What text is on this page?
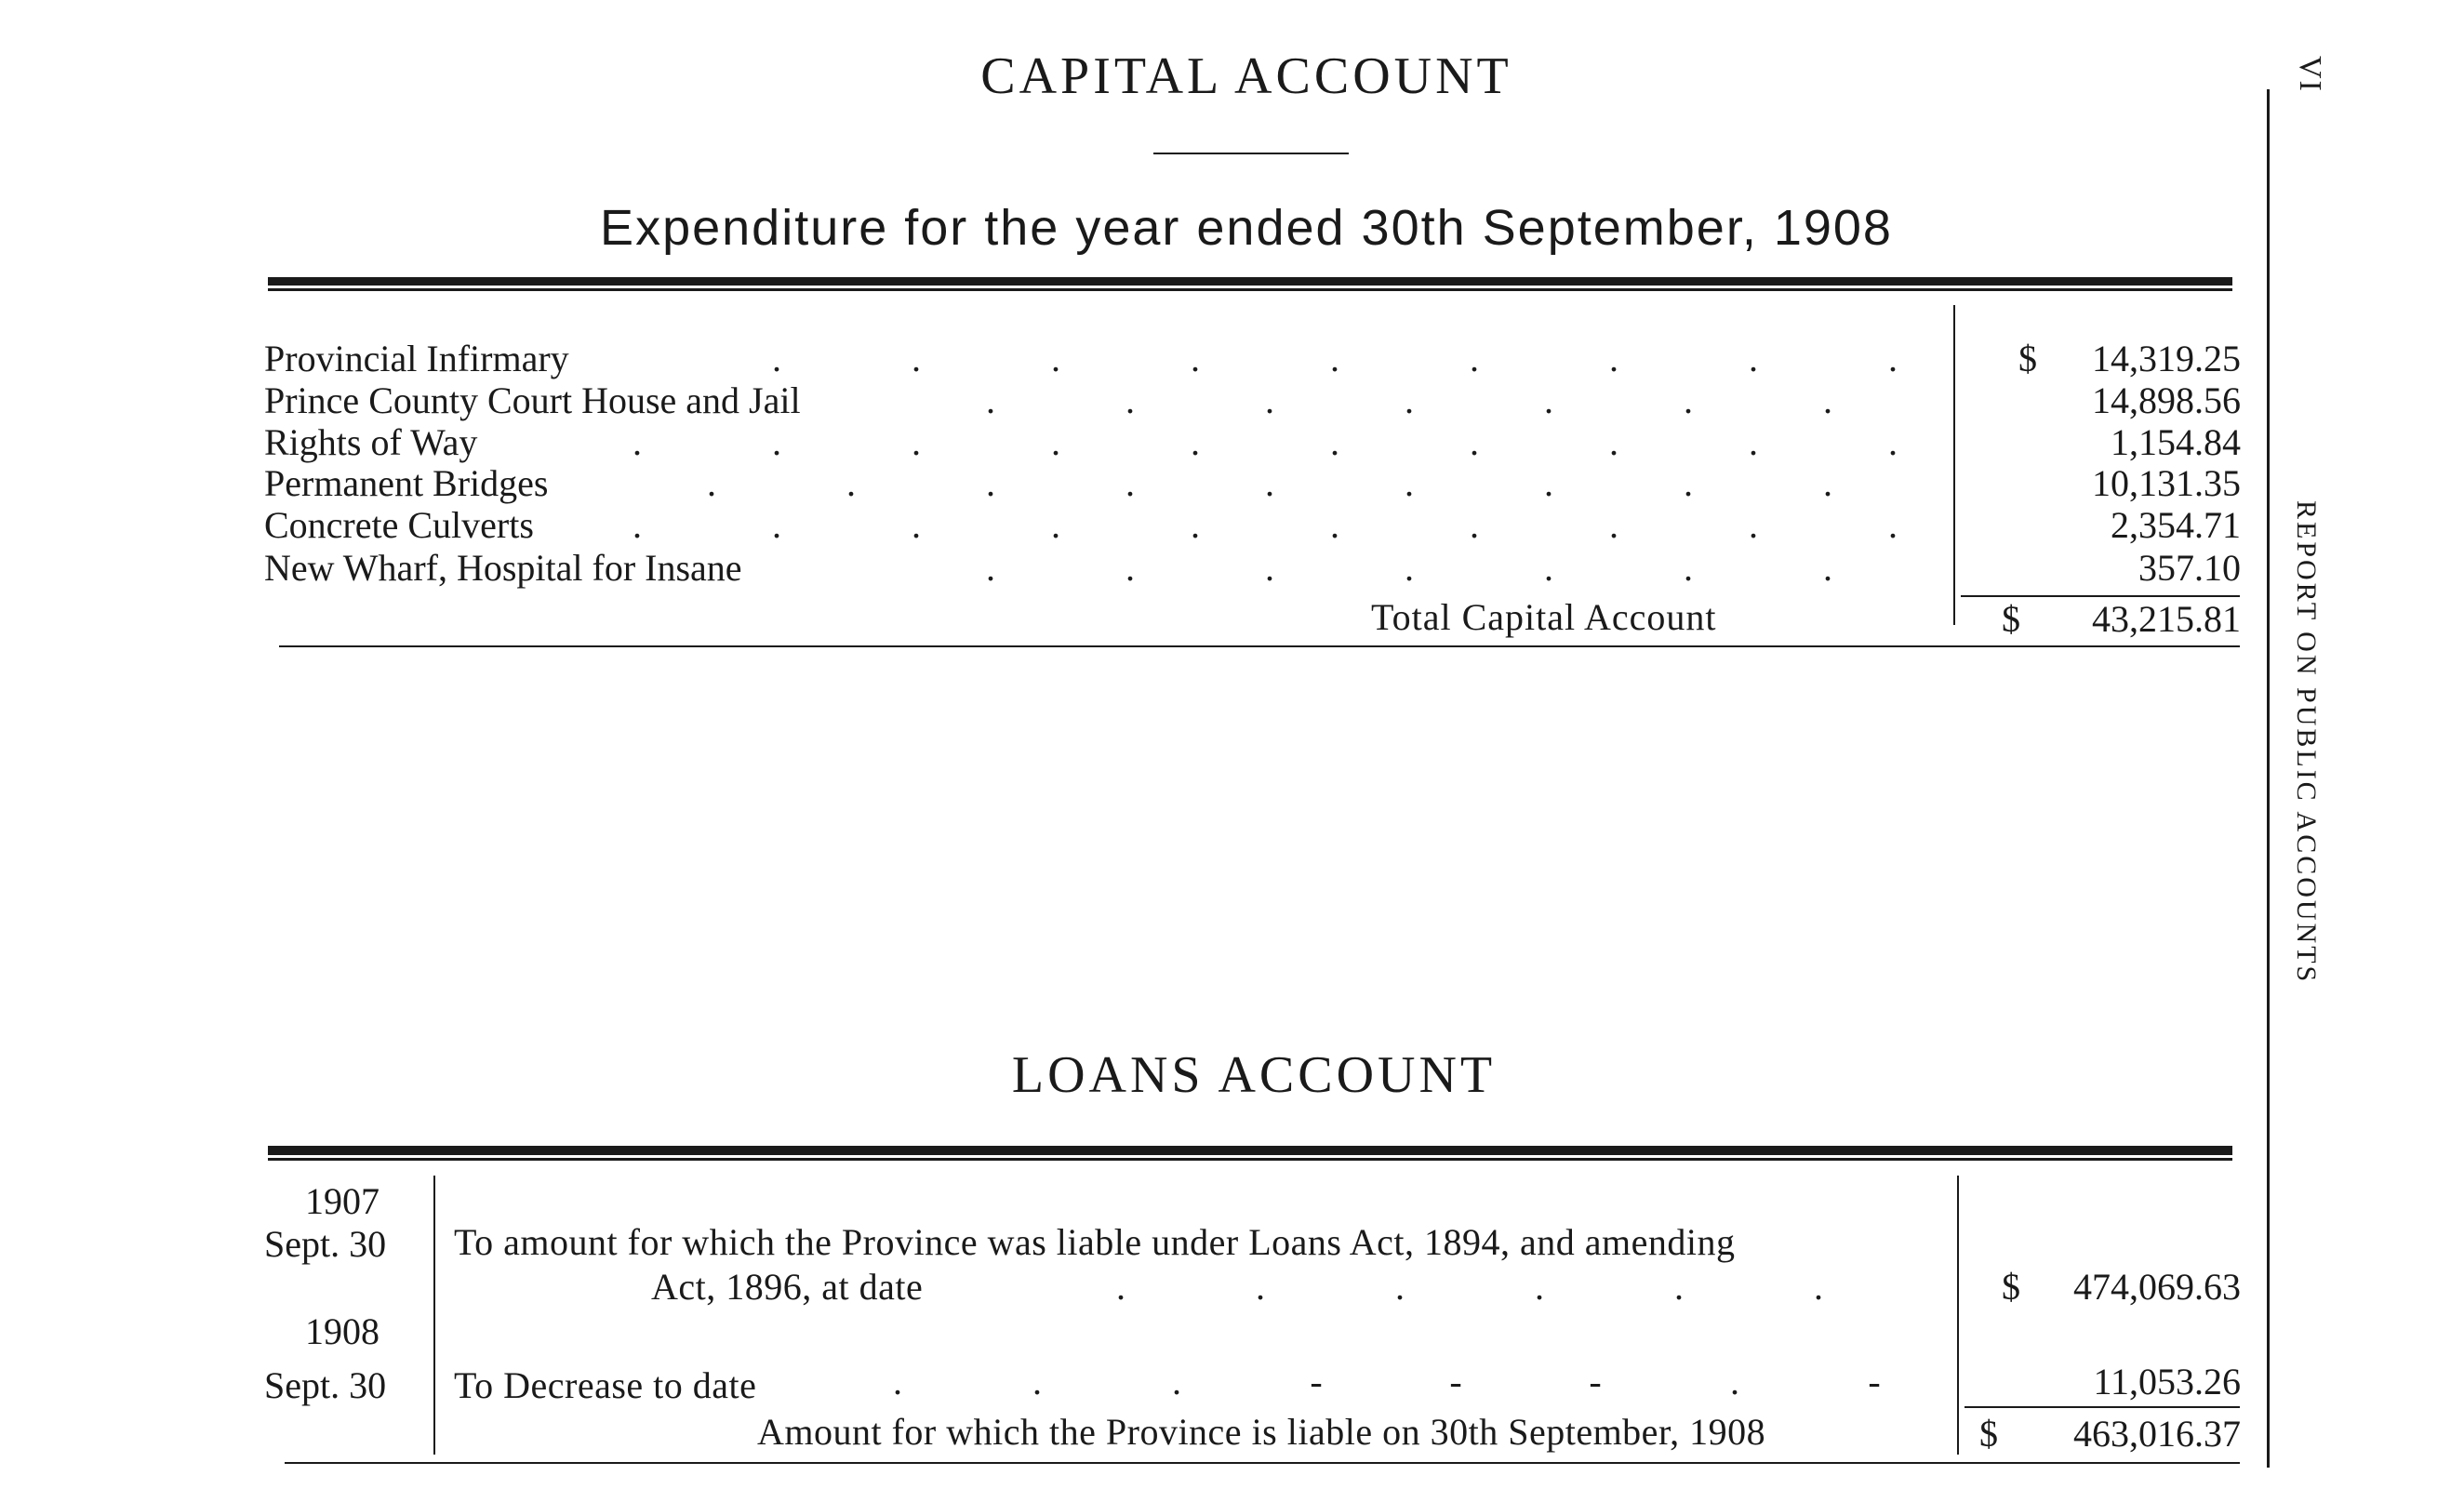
CAPITAL ACCOUNT
Expenditure for the year ended 30th September, 1908
Provincial Infirmary	.	.	.	.	.	.	.	.	.	$ 14,319.25
Prince County Court House and Jail	.	.	.	.	.	.	.	14,898.56
Rights of Way	.	.	.	.	.	.	.	.	.	.	1,154.84
Permanent Bridges	.	.	.	.	.	.	.	.	.	10,131.35
Concrete Culverts	.	.	.	.	.	.	.	.	.	.	2,354.71
New Wharf, Hospital for Insane	.	.	.	.	.	.	.	357.10
Total Capital Account	$ 43,215.81
LOANS ACCOUNT
1907
Sept. 30 To amount for which the Province was liable under Loans Act, 1894, and amending
Act, 1896, at date	.	.	.	.	.	.	$ 474,069.63
1908
Sept. 30 To Decrease to date	.	.	.	-	-	-	.	-	11,053.26
Amount for which the Province is liable on 30th September, 1908	$ 463,016.37
VI
REPORT ON PUBLIC ACCOUNTS
